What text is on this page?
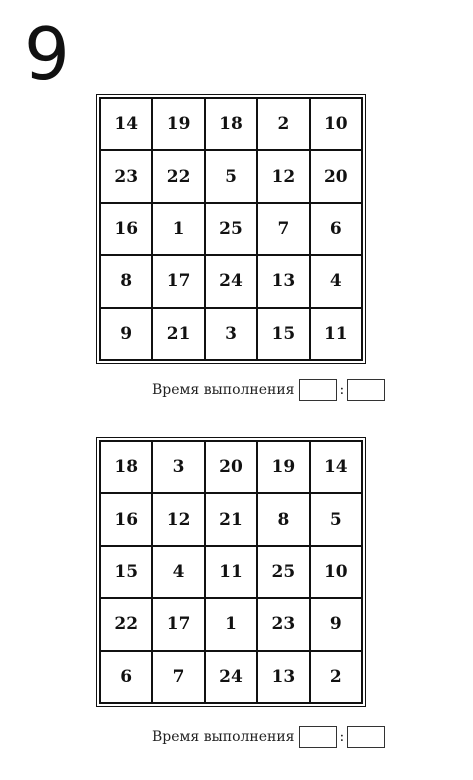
9
14	19	18	2	10
23	22	5	12	20
16	1	25	7	6
8	17	24	13	4
9	21	3	15	11
Время выполнения	:
18	3	20	19	14
16	12	21	8	5
15	4	11	25	10
22	17	1	23	9
6	7	24	13	2
Время выполнения	:
